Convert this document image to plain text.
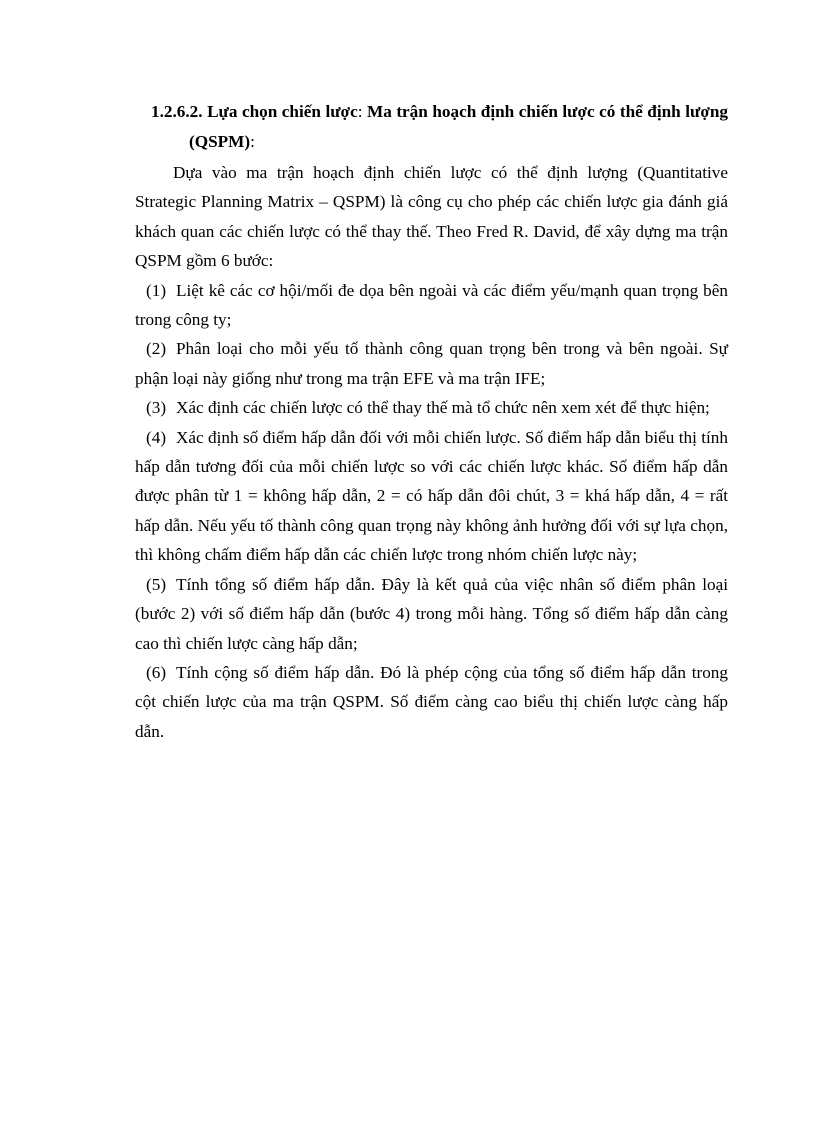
1.2.6.2. Lựa chọn chiến lược: Ma trận hoạch định chiến lược có thể định lượng (QSPM):

Dựa vào ma trận hoạch định chiến lược có thể định lượng (Quantitative Strategic Planning Matrix – QSPM) là công cụ cho phép các chiến lược gia đánh giá khách quan các chiến lược có thể thay thế. Theo Fred R. David, để xây dựng ma trận QSPM gồm 6 bước:

(1) Liệt kê các cơ hội/mối đe dọa bên ngoài và các điểm yếu/mạnh quan trọng bên trong công ty;

(2) Phân loại cho mỗi yếu tố thành công quan trọng bên trong và bên ngoài. Sự phận loại này giống như trong ma trận EFE và ma trận IFE;

(3) Xác định các chiến lược có thể thay thế mà tổ chức nên xem xét để thực hiện;

(4) Xác định số điểm hấp dẫn đối với mỗi chiến lược. Số điểm hấp dẫn biểu thị tính hấp dẫn tương đối của mỗi chiến lược so với các chiến lược khác. Số điểm hấp dẫn được phân từ 1 = không hấp dẫn, 2 = có hấp dẫn đôi chút, 3 = khá hấp dẫn, 4 = rất hấp dẫn. Nếu yếu tố thành công quan trọng này không ảnh hưởng đối với sự lựa chọn, thì không chấm điểm hấp dẫn các chiến lược trong nhóm chiến lược này;

(5) Tính tổng số điểm hấp dẫn. Đây là kết quả của việc nhân số điểm phân loại (bước 2) với số điểm hấp dẫn (bước 4) trong mỗi hàng. Tổng số điểm hấp dẫn càng cao thì chiến lược càng hấp dẫn;

(6) Tính cộng số điểm hấp dẫn. Đó là phép cộng của tổng số điểm hấp dẫn trong cột chiến lược của ma trận QSPM. Số điểm càng cao biểu thị chiến lược càng hấp dẫn.
